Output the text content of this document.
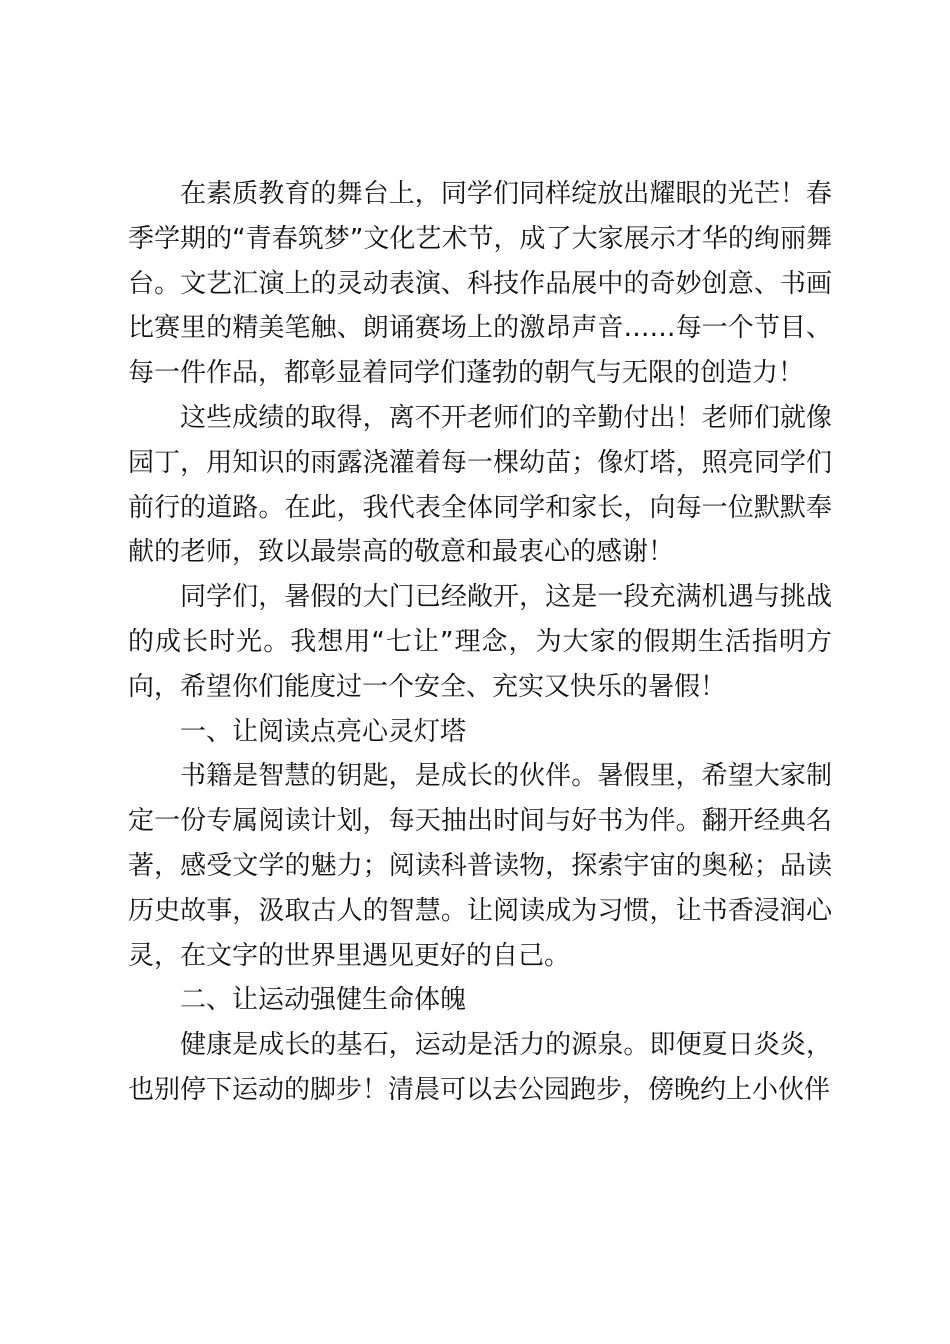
在素质教育的舞台上，同学们同样绽放出耀眼的光芒！春季学期的“青春筑梦”文化艺术节，成了大家展示才华的绚丽舞台。文艺汇演上的灵动表演、科技作品展中的奇妙创意、书画比赛里的精美笔触、朗诵赛场上的激昂声音……每一个节目、每一件作品，都彰显着同学们蓬勃的朝气与无限的创造力！

这些成绩的取得，离不开老师们的辛勤付出！老师们就像园丁，用知识的雨露浇灌着每一棵幼苗；像灯塔，照亮同学们前行的道路。在此，我代表全体同学和家长，向每一位默默奉献的老师，致以最崇高的敬意和最衷心的感谢！

同学们，暑假的大门已经敞开，这是一段充满机遇与挑战的成长时光。我想用“七让”理念，为大家的假期生活指明方向，希望你们能度过一个安全、充实又快乐的暑假！

一、让阅读点亮心灵灯塔

书籍是智慧的钥匙，是成长的伙伴。暑假里，希望大家制定一份专属阅读计划，每天抽出时间与好书为伴。翻开经典名著，感受文学的魅力；阅读科普读物，探索宇宙的奥秘；品读历史故事，汲取古人的智慧。让阅读成为习惯，让书香浸润心灵，在文字的世界里遇见更好的自己。

二、让运动强健生命体魄

健康是成长的基石，运动是活力的源泉。即便夏日炎炎，也别停下运动的脚步！清晨可以去公园跑步，傍晚约上小伙伴
